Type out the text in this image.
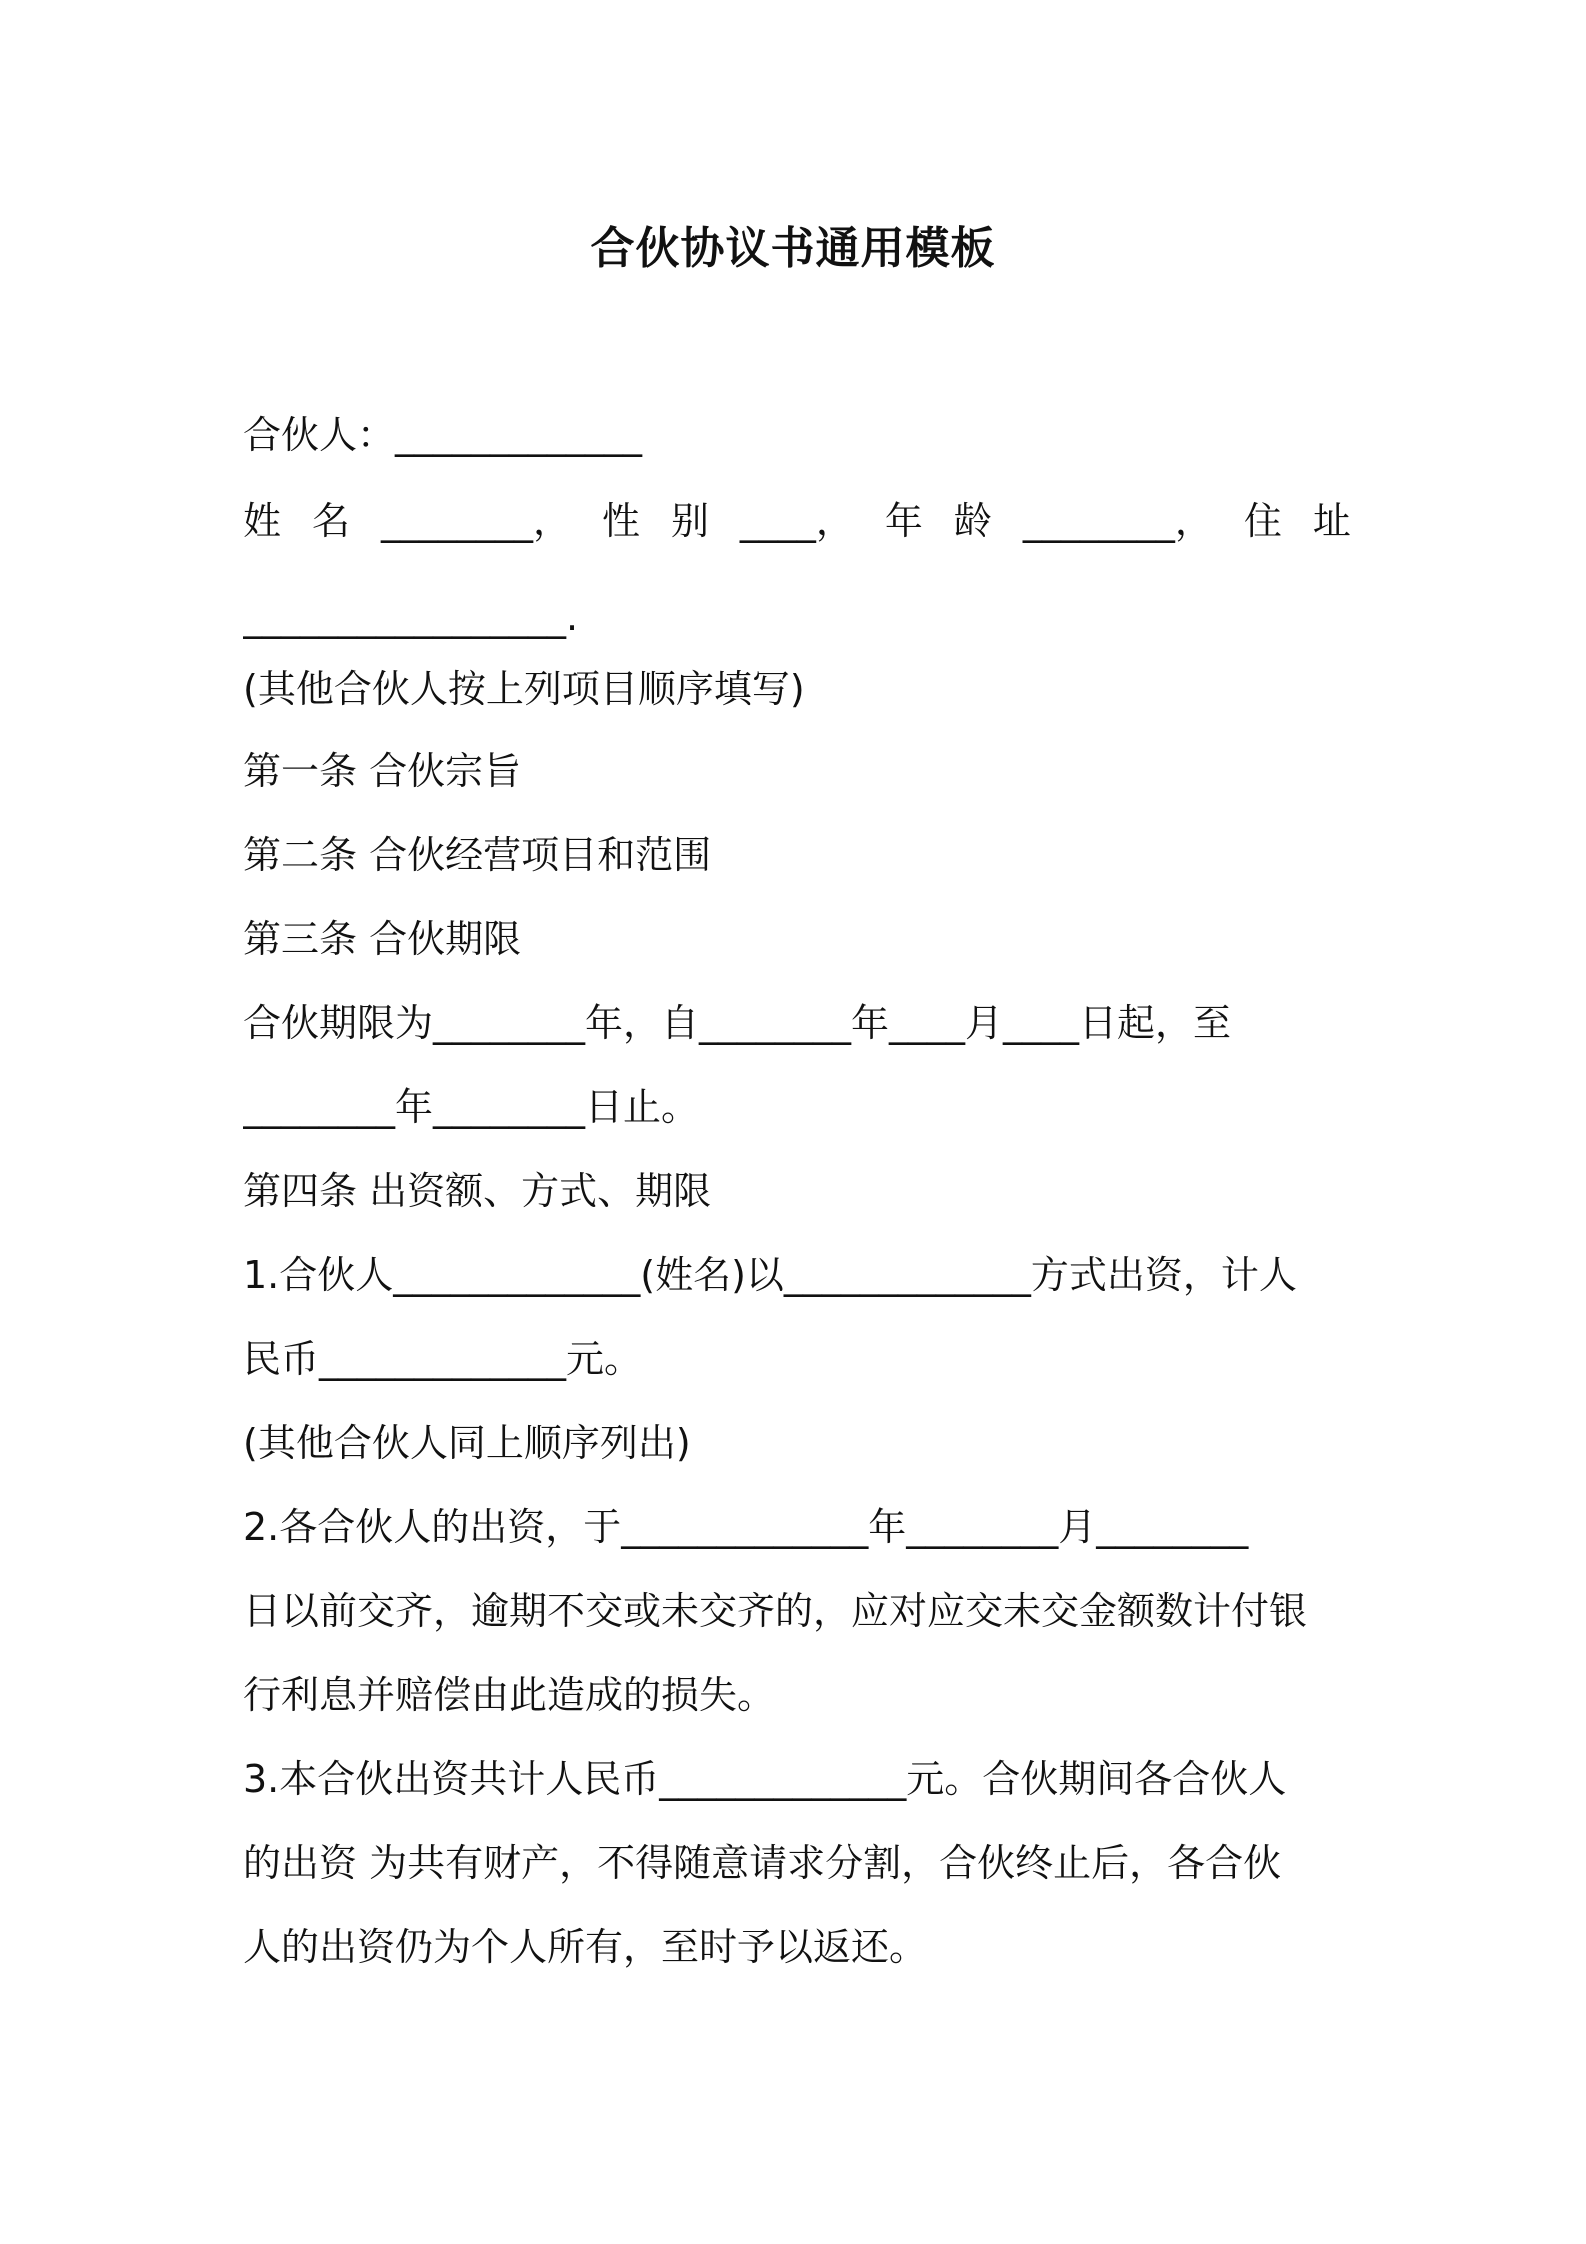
合伙协议书通用模板

合伙人：_____________

姓 名 ________， 性 别 ____， 年 龄 ________， 住 址

_________________.

(其他合伙人按上列项目顺序填写)

第一条 合伙宗旨

第二条 合伙经营项目和范围

第三条 合伙期限

合伙期限为________年，自________年____月____日起，至

________年________日止。

第四条 出资额、方式、期限

1.合伙人_____________(姓名)以_____________方式出资，计人

民币_____________元。

(其他合伙人同上顺序列出)

2.各合伙人的出资，于_____________年________月________

日以前交齐，逾期不交或未交齐的，应对应交未交金额数计付银

行利息并赔偿由此造成的损失。

3.本合伙出资共计人民币_____________元。合伙期间各合伙人

的出资 为共有财产，不得随意请求分割，合伙终止后，各合伙

人的出资仍为个人所有，至时予以返还。
